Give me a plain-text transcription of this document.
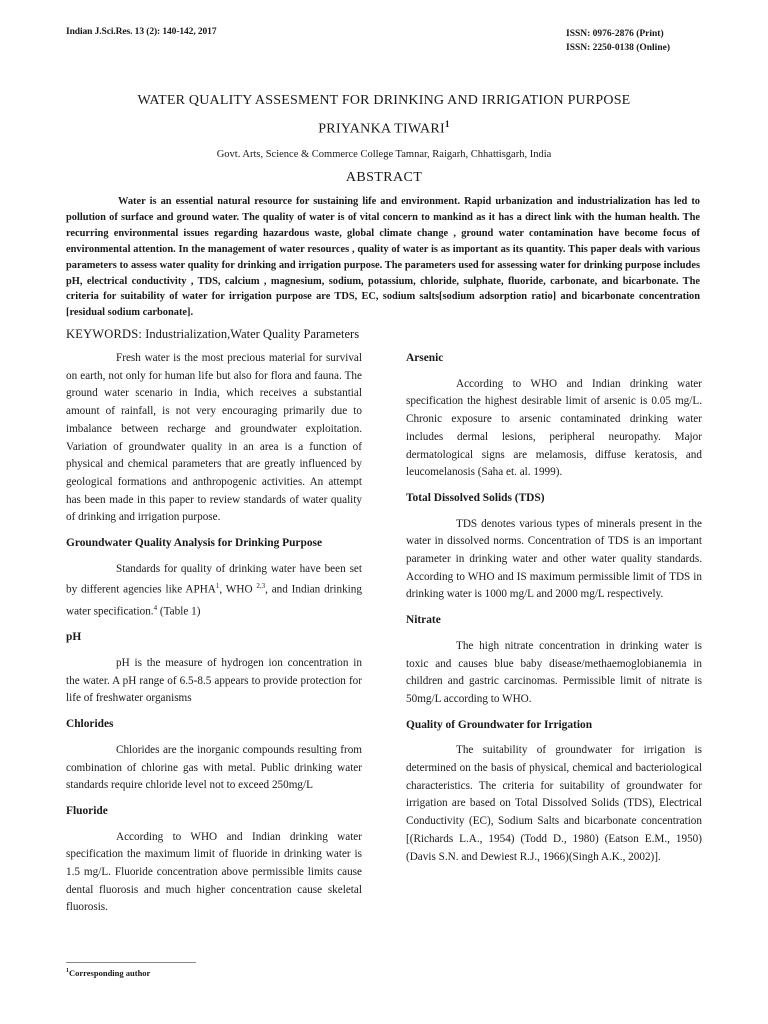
Indian J.Sci.Res. 13 (2): 140-142, 2017	ISSN: 0976-2876 (Print)
ISSN: 2250-0138 (Online)
WATER QUALITY ASSESMENT FOR DRINKING AND IRRIGATION PURPOSE
PRIYANKA TIWARI$^1$
Govt. Arts, Science & Commerce College Tamnar, Raigarh, Chhattisgarh, India
ABSTRACT

Water is an essential natural resource for sustaining life and environment. Rapid urbanization and industrialization has led to pollution of surface and ground water. The quality of water is of vital concern to mankind as it has a direct link with the human health. The recurring environmental issues regarding hazardous waste, global climate change , ground water contamination have become focus of environmental attention. In the management of water resources , quality of water is as important as its quantity. This paper deals with various parameters to assess water quality for drinking and irrigation purpose. The parameters used for assessing water for drinking purpose includes pH, electrical conductivity , TDS, calcium , magnesium, sodium, potassium, chloride, sulphate, fluoride, carbonate, and bicarbonate. The criteria for suitability of water for irrigation purpose are TDS, EC, sodium salts[sodium adsorption ratio] and bicarbonate concentration [residual sodium carbonate].

KEYWORDS: Industrialization,Water Quality Parameters

Fresh water is the most precious material for survival on earth, not only for human life but also for flora and fauna. The ground water scenario in India, which receives a substantial amount of rainfall, is not very encouraging primarily due to imbalance between recharge and groundwater exploitation. Variation of groundwater quality in an area is a function of physical and chemical parameters that are greatly influenced by geological formations and anthropogenic activities. An attempt has been made in this paper to review standards of water quality of drinking and irrigation purpose.

Groundwater Quality Analysis for Drinking Purpose

Standards for quality of drinking water have been set by different agencies like APHA$^1$, WHO $^{2,3}$, and Indian drinking water specification.$^4$ (Table 1)

pH

pH is the measure of hydrogen ion concentration in the water. A pH range of 6.5-8.5 appears to provide protection for life of freshwater organisms

Chlorides

Chlorides are the inorganic compounds resulting from combination of chlorine gas with metal. Public drinking water standards require chloride level not to exceed 250mg/L

Fluoride

According to WHO and Indian drinking water specification the maximum limit of fluoride in drinking water is 1.5 mg/L. Fluoride concentration above permissible limits cause dental fluorosis and much higher concentration cause skeletal fluorosis.

Arsenic

According to WHO and Indian drinking water specification the highest desirable limit of arsenic is 0.05 mg/L. Chronic exposure to arsenic contaminated drinking water includes dermal lesions, peripheral neuropathy. Major dermatological signs are melamosis, diffuse keratosis, and leucomelanosis (Saha et. al. 1999).

Total Dissolved Solids (TDS)

TDS denotes various types of minerals present in the water in dissolved norms. Concentration of TDS is an important parameter in drinking water and other water quality standards. According to WHO and IS maximum permissible limit of TDS in drinking water is 1000 mg/L and 2000 mg/L respectively.

Nitrate

The high nitrate concentration in drinking water is toxic and causes blue baby disease/methaemoglobianemia in children and gastric carcinomas. Permissible limit of nitrate is 50mg/L according to WHO.

Quality of Groundwater for Irrigation

The suitability of groundwater for irrigation is determined on the basis of physical, chemical and bacteriological characteristics. The criteria for suitability of groundwater for irrigation are based on Total Dissolved Solids (TDS), Electrical Conductivity (EC), Sodium Salts and bicarbonate concentration [(Richards L.A., 1954) (Todd D., 1980) (Eatson E.M., 1950) (Davis S.N. and Dewiest R.J., 1966)(Singh A.K., 2002)].

$^1$Corresponding author
